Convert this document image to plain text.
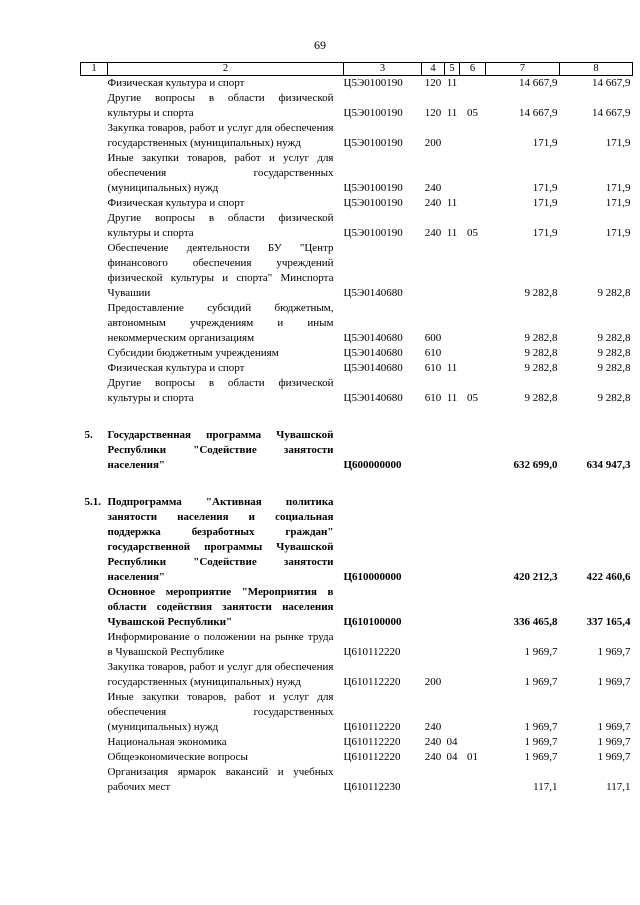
69
1	2	3	4	5	6	7	8
	Физическая культура и спорт	Ц5Э0100190	120	11		14 667,9	14 667,9
	Другие вопросы в области физической культуры и спорта	Ц5Э0100190	120	11	05	14 667,9	14 667,9
	Закупка товаров, работ и услуг для обеспечения государственных (муниципальных) нужд	Ц5Э0100190	200			171,9	171,9
	Иные закупки товаров, работ и услуг для обеспечения государственных (муниципальных) нужд	Ц5Э0100190	240			171,9	171,9
	Физическая культура и спорт	Ц5Э0100190	240	11		171,9	171,9
	Другие вопросы в области физической культуры и спорта	Ц5Э0100190	240	11	05	171,9	171,9
	Обеспечение деятельности БУ "Центр финансового обеспечения учреждений физической культуры и спорта" Минспорта Чувашии	Ц5Э0140680				9 282,8	9 282,8
	Предоставление субсидий бюджетным, автономным учреждениям и иным некоммерческим организациям	Ц5Э0140680	600			9 282,8	9 282,8
	Субсидии бюджетным учреждениям	Ц5Э0140680	610			9 282,8	9 282,8
	Физическая культура и спорт	Ц5Э0140680	610	11		9 282,8	9 282,8
	Другие вопросы в области физической культуры и спорта	Ц5Э0140680	610	11	05	9 282,8	9 282,8
5.	Государственная программа Чувашской Республики "Содействие занятости населения"	Ц600000000				632 699,0	634 947,3
5.1.	Подпрограмма "Активная политика занятости населения и социальная поддержка безработных граждан" государственной программы Чувашской Республики "Содействие занятости населения"	Ц610000000				420 212,3	422 460,6
	Основное мероприятие "Мероприятия в области содействия занятости населения Чувашской Республики"	Ц610100000				336 465,8	337 165,4
	Информирование о положении на рынке труда в Чувашской Республике	Ц610112220				1 969,7	1 969,7
	Закупка товаров, работ и услуг для обеспечения государственных (муниципальных) нужд	Ц610112220	200			1 969,7	1 969,7
	Иные закупки товаров, работ и услуг для обеспечения государственных (муниципальных) нужд	Ц610112220	240			1 969,7	1 969,7
	Национальная экономика	Ц610112220	240	04		1 969,7	1 969,7
	Общеэкономические вопросы	Ц610112220	240	04	01	1 969,7	1 969,7
	Организация ярмарок вакансий и учебных рабочих мест	Ц610112230				117,1	117,1
